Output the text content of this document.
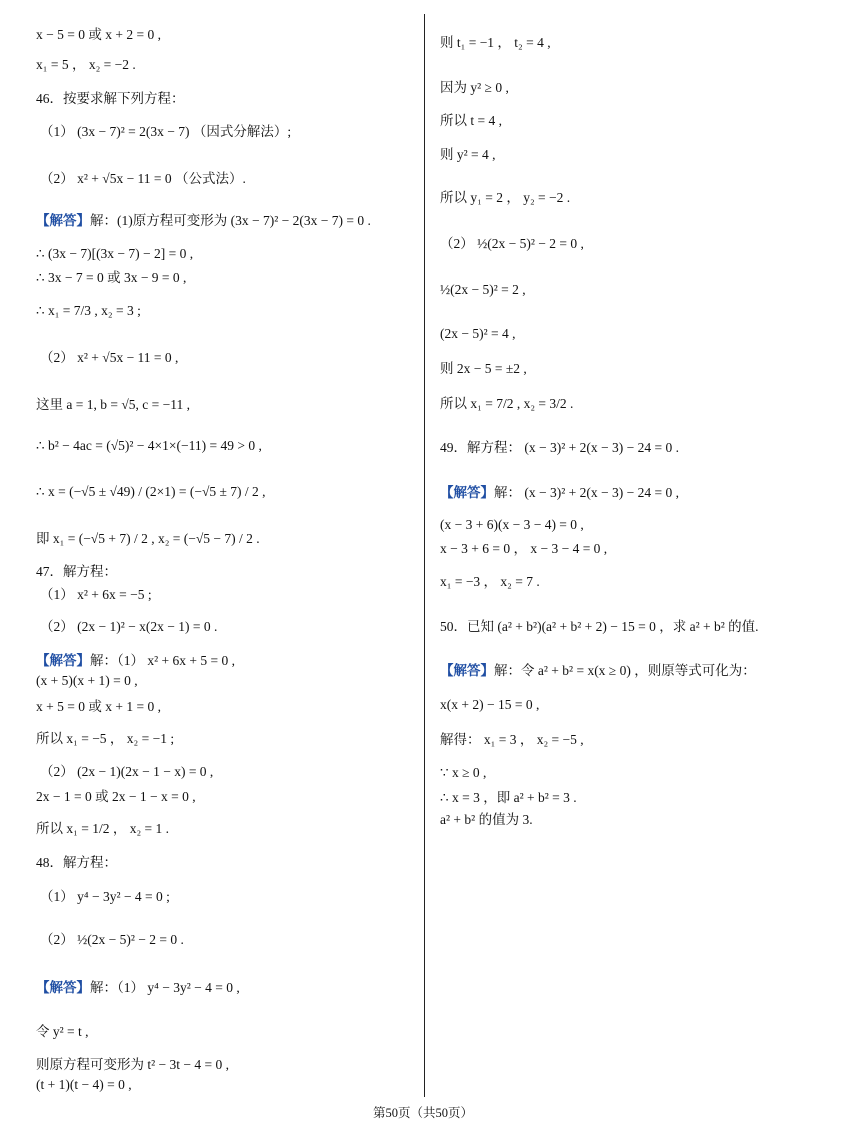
x − 5 = 0 或 x + 2 = 0 ,
x₁ = 5 ， x₂ = −2 .
46．按要求解下列方程：
（1） (3x − 7)² = 2(3x − 7) （因式分解法）;
（2） x² + √5x − 11 = 0 （公式法）.
【解答】解：(1)原方程可变形为 (3x − 7)² − 2(3x − 7) = 0 .
∴ (3x − 7)[(3x − 7) − 2] = 0 ,
∴ 3x − 7 = 0 或 3x − 9 = 0 ,
∴ x₁ = 7/3 , x₂ = 3 ;
（2） x² + √5x − 11 = 0 ,
这里 a = 1, b = √5, c = −11 ,
∴ b² − 4ac = (√5)² − 4×1×(−11) = 49 > 0 ,
∴ x = (−√5 ± √49) / (2×1) = (−√5 ± 7) / 2 ,
即 x₁ = (−√5 + 7) / 2 , x₂ = (−√5 − 7) / 2 .
47．解方程：
（1） x² + 6x = −5 ;
（2） (2x − 1)² − x(2x − 1) = 0 .
【解答】解：（1） x² + 6x + 5 = 0 ,
(x + 5)(x + 1) = 0 ,
x + 5 = 0 或 x + 1 = 0 ,
所以 x₁ = −5 ， x₂ = −1 ;
（2） (2x − 1)(2x − 1 − x) = 0 ,
2x − 1 = 0 或 2x − 1 − x = 0 ,
所以 x₁ = 1/2 ， x₂ = 1 .
48．解方程：
（1） y⁴ − 3y² − 4 = 0 ;
（2） ½(2x − 5)² − 2 = 0 .
【解答】解：（1） y⁴ − 3y² − 4 = 0 ,
令 y² = t ,
则原方程可变形为 t² − 3t − 4 = 0 ,
(t + 1)(t − 4) = 0 ,
则 t₁ = −1 ， t₂ = 4 ,
因为 y² ≥ 0 ,
所以 t = 4 ,
则 y² = 4 ,
所以 y₁ = 2 ， y₂ = −2 .
（2） ½(2x − 5)² − 2 = 0 ,
½(2x − 5)² = 2 ,
(2x − 5)² = 4 ,
则 2x − 5 = ±2 ,
所以 x₁ = 7/2 , x₂ = 3/2 .
49．解方程： (x − 3)² + 2(x − 3) − 24 = 0 .
【解答】解： (x − 3)² + 2(x − 3) − 24 = 0 ,
(x − 3 + 6)(x − 3 − 4) = 0 ,
x − 3 + 6 = 0 ， x − 3 − 4 = 0 ,
x₁ = −3 ， x₂ = 7 .
50．已知 (a² + b²)(a² + b² + 2) − 15 = 0 ，求 a² + b² 的值.
【解答】解：令 a² + b² = x(x ≥ 0) ，则原等式可化为：
x(x + 2) − 15 = 0 ,
解得： x₁ = 3 ， x₂ = −5 ,
∵ x ≥ 0 ,
∴ x = 3 ，即 a² + b² = 3 .
a² + b² 的值为 3.
第50页（共50页）
